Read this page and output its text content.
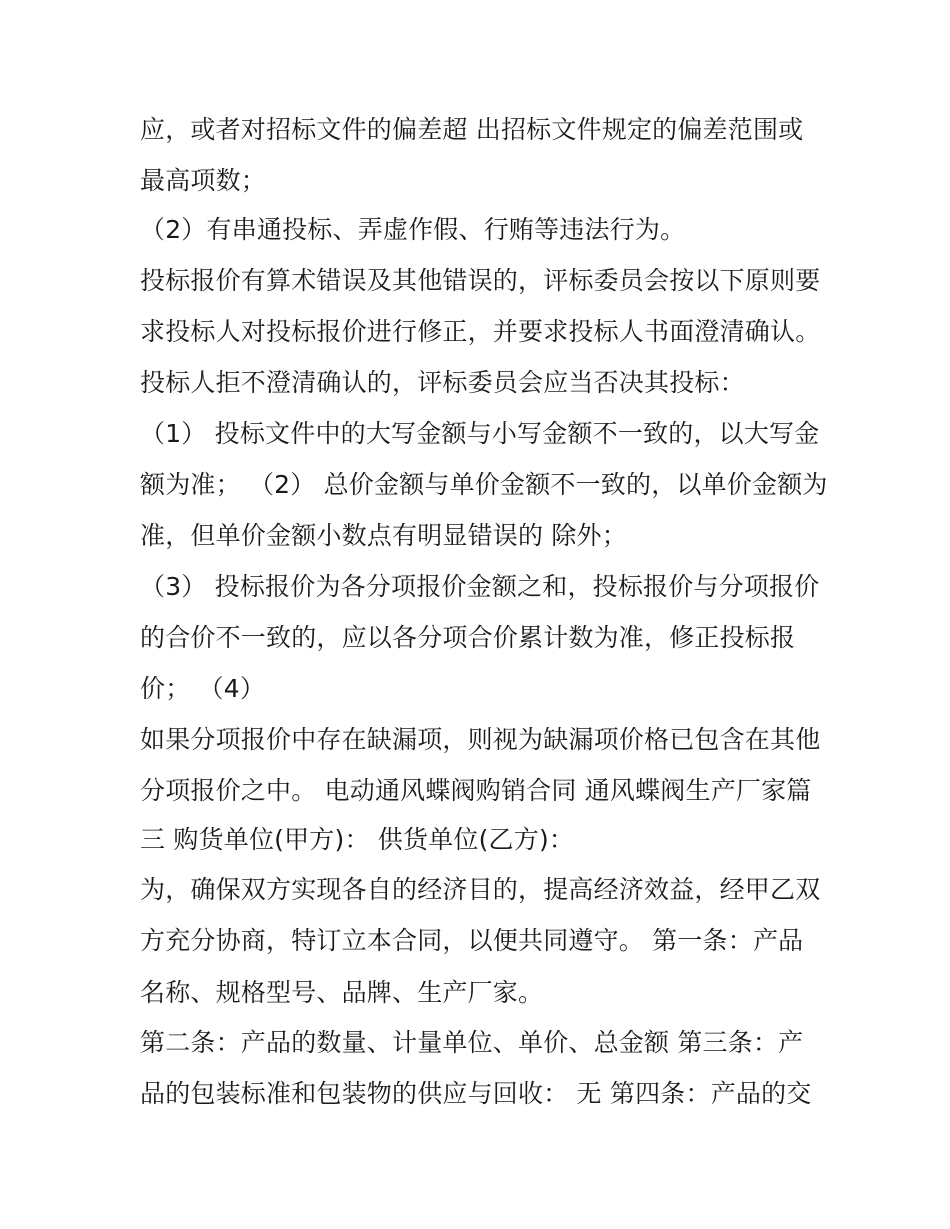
应，或者对招标文件的偏差超 出招标文件规定的偏差范围或
最高项数；
（2）有串通投标、弄虚作假、行贿等违法行为。
投标报价有算术错误及其他错误的，评标委员会按以下原则要
求投标人对投标报价进行修正，并要求投标人书面澄清确认。
投标人拒不澄清确认的，评标委员会应当否决其投标：
（1） 投标文件中的大写金额与小写金额不一致的，以大写金
额为准； （2） 总价金额与单价金额不一致的，以单价金额为
准，但单价金额小数点有明显错误的 除外；
（3） 投标报价为各分项报价金额之和，投标报价与分项报价
的合价不一致的，应以各分项合价累计数为准，修正投标报
价； （4）
如果分项报价中存在缺漏项，则视为缺漏项价格已包含在其他
分项报价之中。 电动通风蝶阀购销合同 通风蝶阀生产厂家篇
三 购货单位(甲方)： 供货单位(乙方)：
为，确保双方实现各自的经济目的，提高经济效益，经甲乙双
方充分协商，特订立本合同，以便共同遵守。 第一条：产品
名称、规格型号、品牌、生产厂家。
第二条：产品的数量、计量单位、单价、总金额 第三条：产
品的包装标准和包装物的供应与回收： 无 第四条：产品的交
